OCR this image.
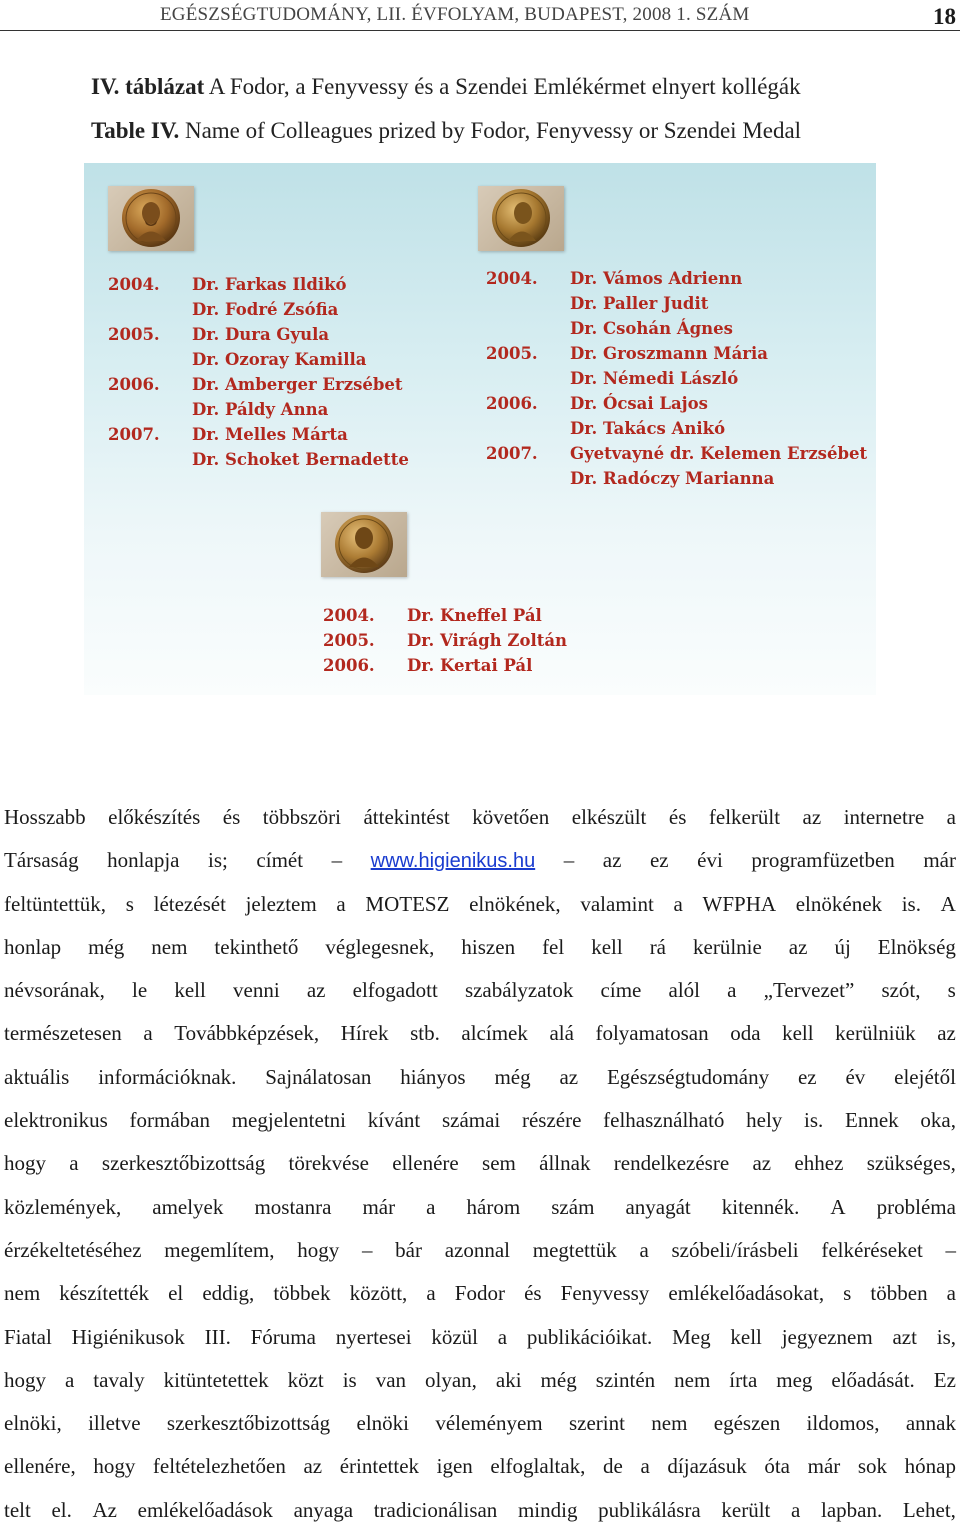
EGÉSZSÉGTUDOMÁNY, LII. ÉVFOLYAM, BUDAPEST, 2008 1. SZÁM	18
IV. táblázat A Fodor, a Fenyvessy és a Szendei Emlékérmet elnyert kollégák
Table IV. Name of Colleagues prized by Fodor, Fenyvessy or Szendei Medal
2004. Dr. Farkas Ildikó
Dr. Fodré Zsófia
2005. Dr. Dura Gyula
Dr. Ozoray Kamilla
2006. Dr. Amberger Erzsébet
Dr. Páldy Anna
2007. Dr. Melles Márta
Dr. Schoket Bernadette
2004. Dr. Vámos Adrienn
Dr. Paller Judit
Dr. Csohán Ágnes
2005. Dr. Groszmann Mária
Dr. Némedi László
2006. Dr. Ócsai Lajos
Dr. Takács Anikó
2007. Gyetvayné dr. Kelemen Erzsébet
Dr. Radóczy Marianna
2004. Dr. Kneffel Pál
2005. Dr. Virágh Zoltán
2006. Dr. Kertai Pál
Hosszabb előkészítés és többszöri áttekintést követően elkészült és felkerült az internetre a
Társaság honlapja is; címét – www.higienikus.hu – az ez évi programfüzetben már
feltüntettük, s létezését jeleztem a MOTESZ elnökének, valamint a WFPHA elnökének is. A
honlap még nem tekinthető véglegesnek, hiszen fel kell rá kerülnie az új Elnökség
névsorának, le kell venni az elfogadott szabályzatok címe alól a „Tervezet” szót, s
természetesen a Továbbképzések, Hírek stb. alcímek alá folyamatosan oda kell kerülniük az
aktuális információknak. Sajnálatosan hiányos még az Egészségtudomány ez év elejétől
elektronikus formában megjelentetni kívánt számai részére felhasználható hely is. Ennek oka,
hogy a szerkesztőbizottság törekvése ellenére sem állnak rendelkezésre az ehhez szükséges,
közlemények, amelyek mostanra már a három szám anyagát kitennék. A probléma
érzékeltetéséhez megemlítem, hogy – bár azonnal megtettük a szóbeli/írásbeli felkéréseket –
nem készítették el eddig, többek között, a Fodor és Fenyvessy emlékelőadásokat, s többen a
Fiatal Higiénikusok III. Fóruma nyertesei közül a publikációikat. Meg kell jegyeznem azt is,
hogy a tavaly kitüntetettek közt is van olyan, aki még szintén nem írta meg előadását. Ez
elnöki, illetve szerkesztőbizottság elnöki véleményem szerint nem egészen ildomos, annak
ellenére, hogy feltételezhetően az érintettek igen elfoglaltak, de a díjazásuk óta már sok hónap
telt el. Az emlékelőadások anyaga tradicionálisan mindig publikálásra került a lapban. Lehet,
